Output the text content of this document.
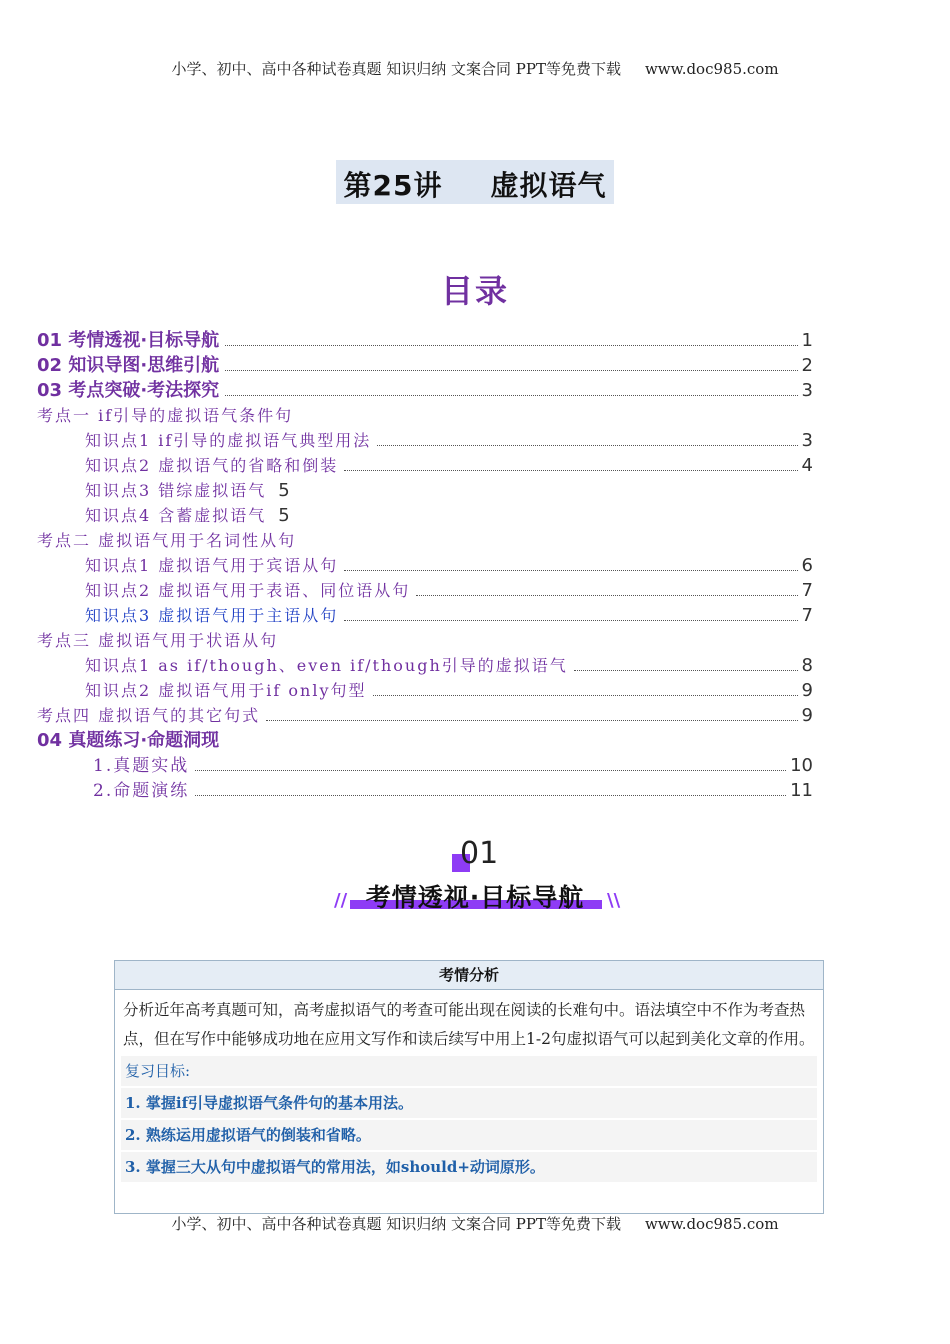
小学、初中、高中各种试卷真题 知识归纳 文案合同 PPT等免费下载 www.doc985.com
第25讲 虚拟语气
目录
01 考情透视·目标导航	1
02 知识导图·思维引航	2
03 考点突破·考法探究	3
考点一 if引导的虚拟语气条件句
知识点1 if引导的虚拟语气典型用法	3
知识点2 虚拟语气的省略和倒装	4
知识点3 错综虚拟语气 5
知识点4 含蓄虚拟语气 5
考点二 虚拟语气用于名词性从句
知识点1 虚拟语气用于宾语从句	6
知识点2 虚拟语气用于表语、同位语从句	7
知识点3 虚拟语气用于主语从句	7
考点三 虚拟语气用于状语从句
知识点1 as if/though、even if/though引导的虚拟语气	8
知识点2 虚拟语气用于if only句型	9
考点四 虚拟语气的其它句式	9
04 真题练习·命题洞现
1.真题实战	10
2.命题演练	11
01
//	\\
考情透视·目标导航
考情分析
分析近年高考真题可知，高考虚拟语气的考查可能出现在阅读的长难句中。语法填空中不作为考查热点，但在写作中能够成功地在应用文写作和读后续写中用上1-2句虚拟语气可以起到美化文章的作用。
复习目标:
1. 掌握if引导虚拟语气条件句的基本用法。
2. 熟练运用虚拟语气的倒装和省略。
3. 掌握三大从句中虚拟语气的常用法，如should+动词原形。
小学、初中、高中各种试卷真题 知识归纳 文案合同 PPT等免费下载 www.doc985.com
